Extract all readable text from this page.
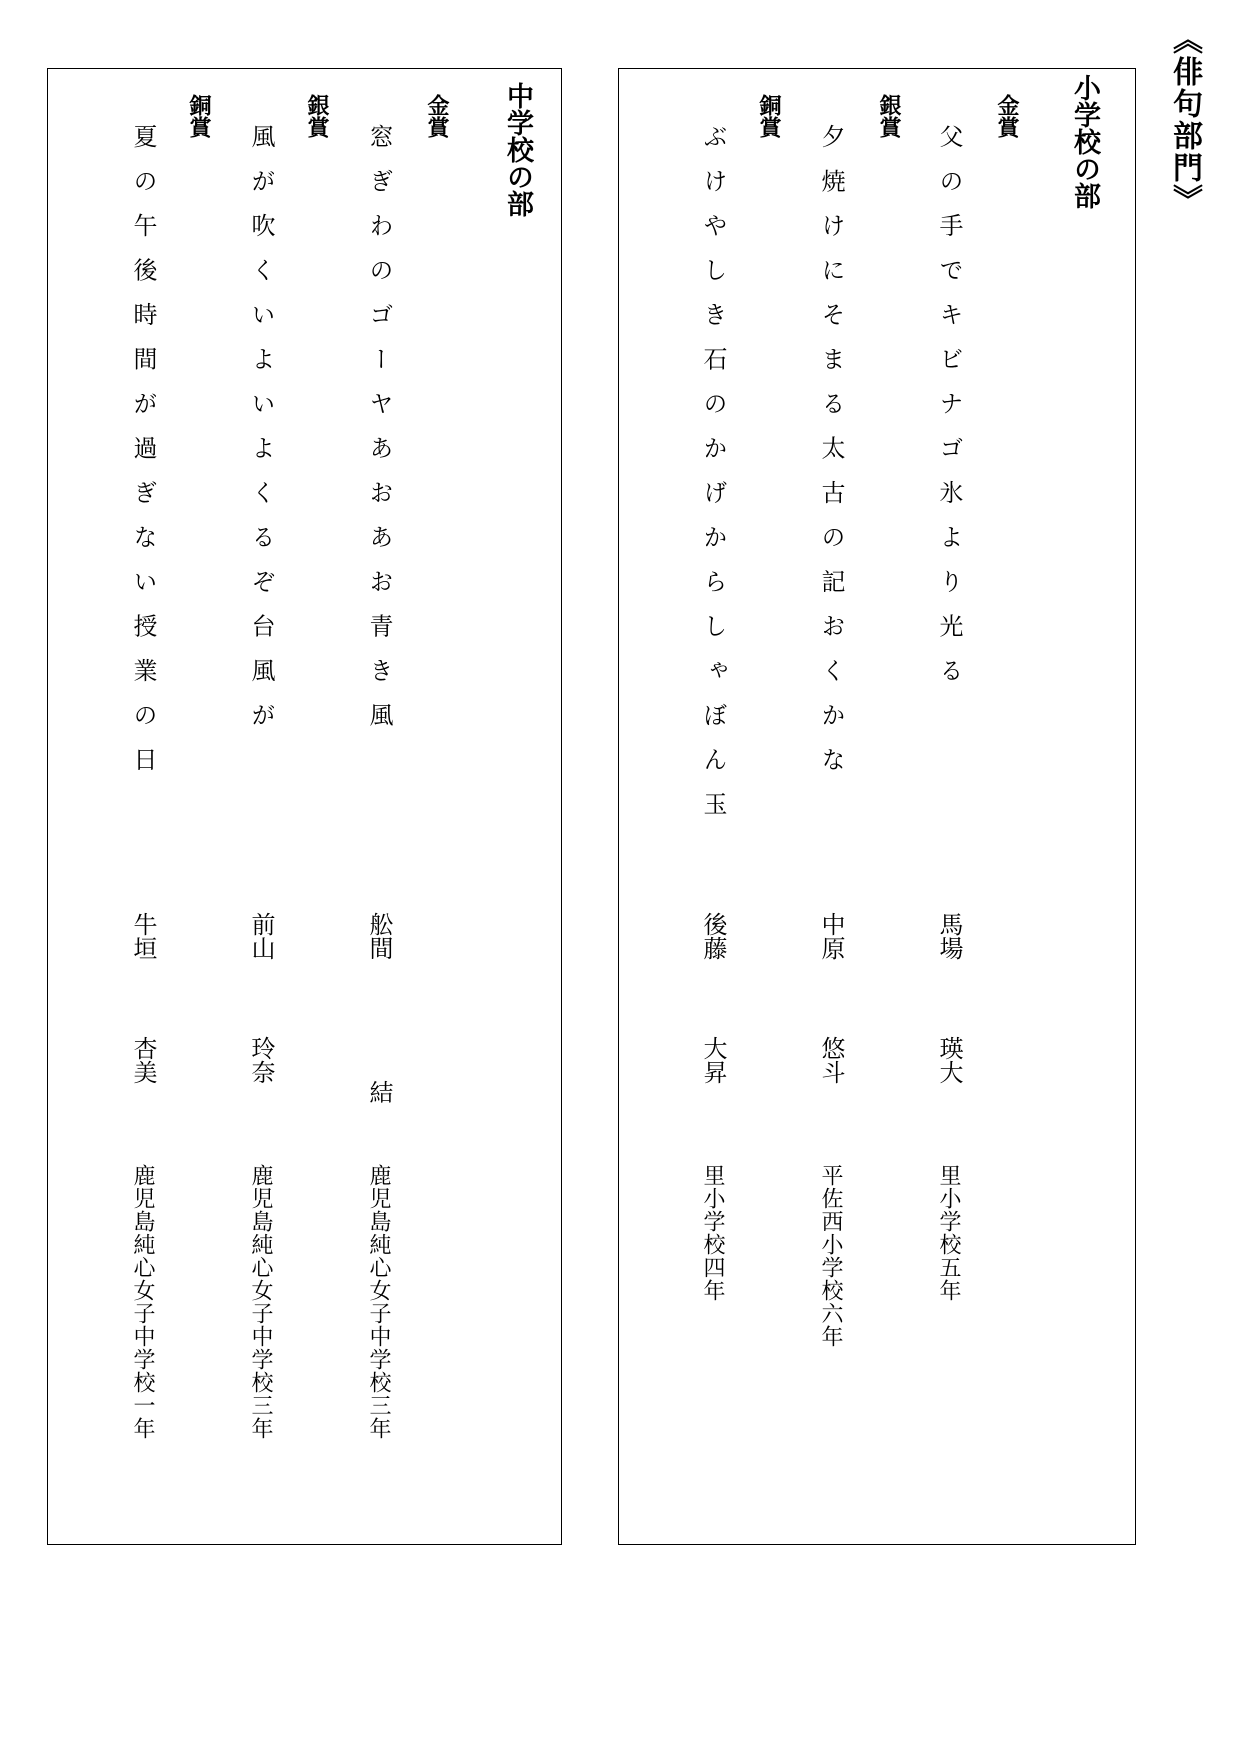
《俳句部門》
小学校の部
金賞
父の手でキビナゴ氷より光る
馬場
瑛大
里小学校五年
銀賞
夕焼けにそまる太古の記おくかな
中原
悠斗
平佐西小学校六年
銅賞
ぶけやしき石のかげからしゃぼん玉
後藤
大昇
里小学校四年
中学校の部
金賞
窓ぎわのゴーヤあおあお青き風
舩間
結
鹿児島純心女子中学校三年
銀賞
風が吹くいよいよくるぞ台風が
前山
玲奈
鹿児島純心女子中学校三年
銅賞
夏の午後時間が過ぎない授業の日
牛垣
杏美
鹿児島純心女子中学校一年
